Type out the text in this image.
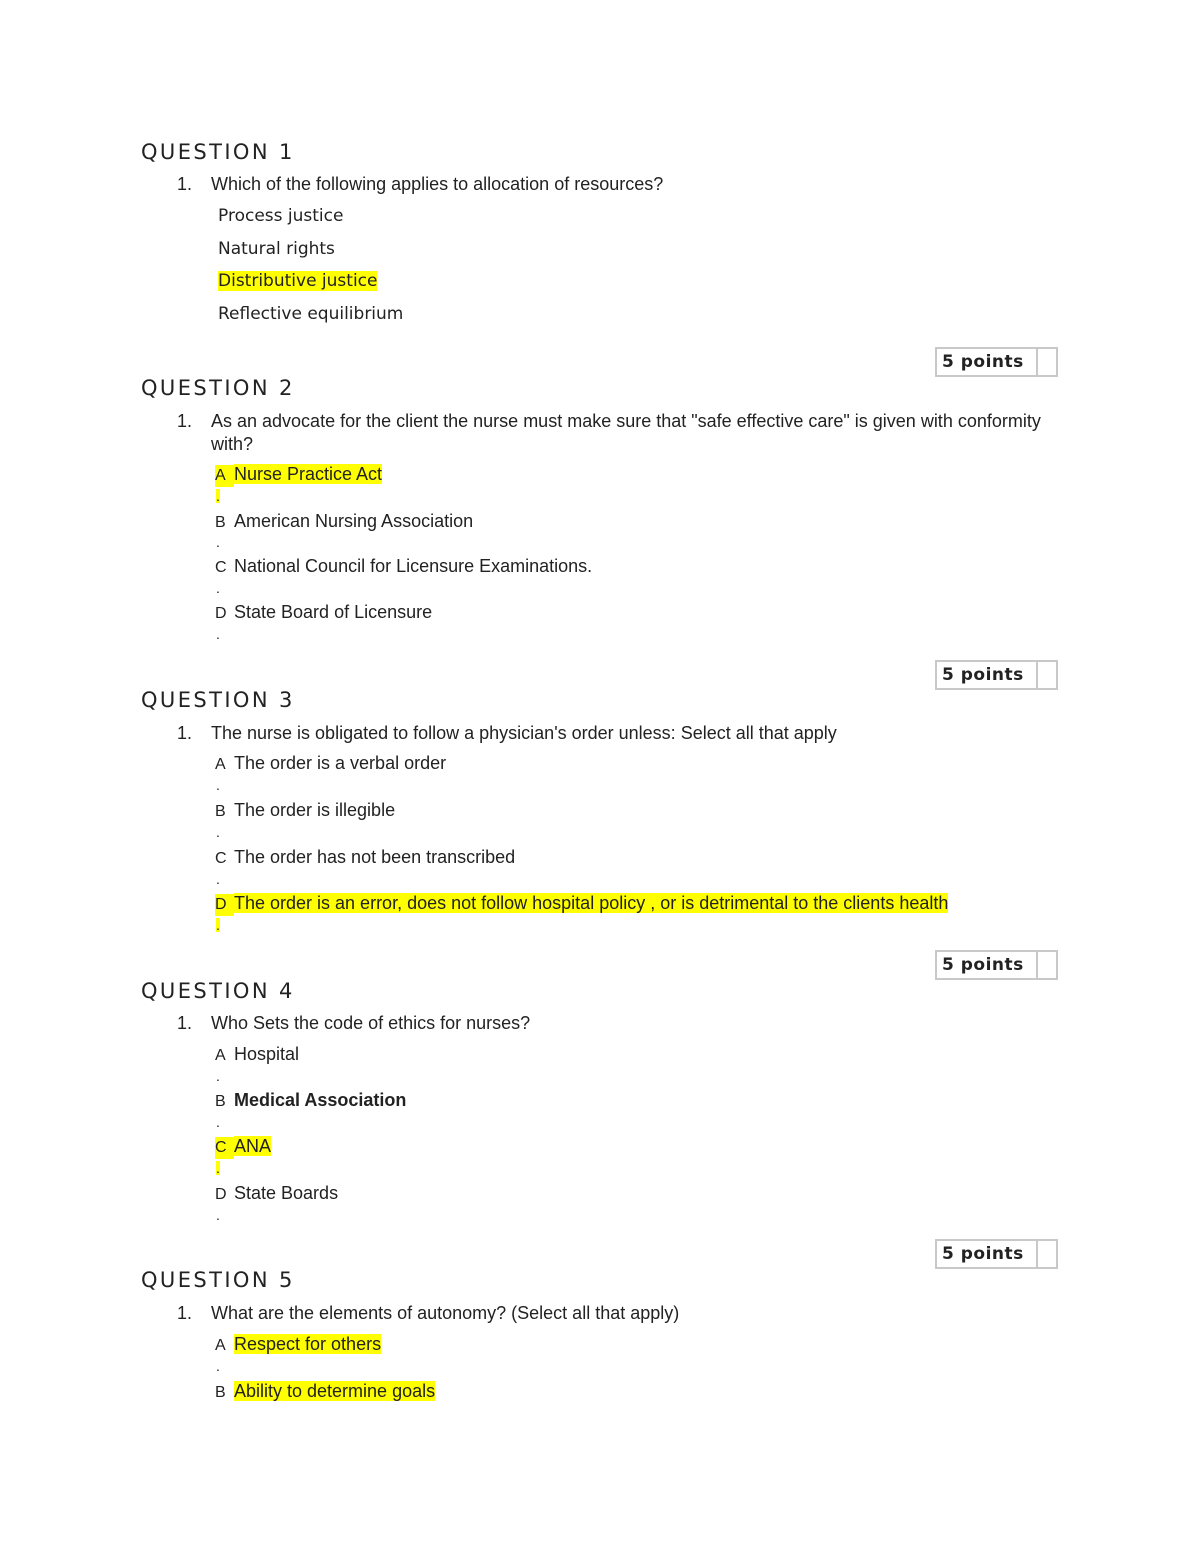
QUESTION 1
1. Which of the following applies to allocation of resources?
Process justice
Natural rights
Distributive justice
Reflective equilibrium
5 points
QUESTION 2
1. As an advocate for the client the nurse must make sure that "safe effective care" is given with conformity with?
A Nurse Practice Act
.
B American Nursing Association
.
C National Council for Licensure Examinations.
.
D State Board of Licensure
.
5 points
QUESTION 3
1. The nurse is obligated to follow a physician's order unless: Select all that apply
A The order is a verbal order
.
B The order is illegible
.
C The order has not been transcribed
.
D The order is an error, does not follow hospital policy , or is detrimental to the clients health
.
5 points
QUESTION 4
1. Who Sets the code of ethics for nurses?
A Hospital
.
B Medical Association
.
C ANA
.
D State Boards
.
5 points
QUESTION 5
1. What are the elements of autonomy? (Select all that apply)
A Respect for others
.
B Ability to determine goals
